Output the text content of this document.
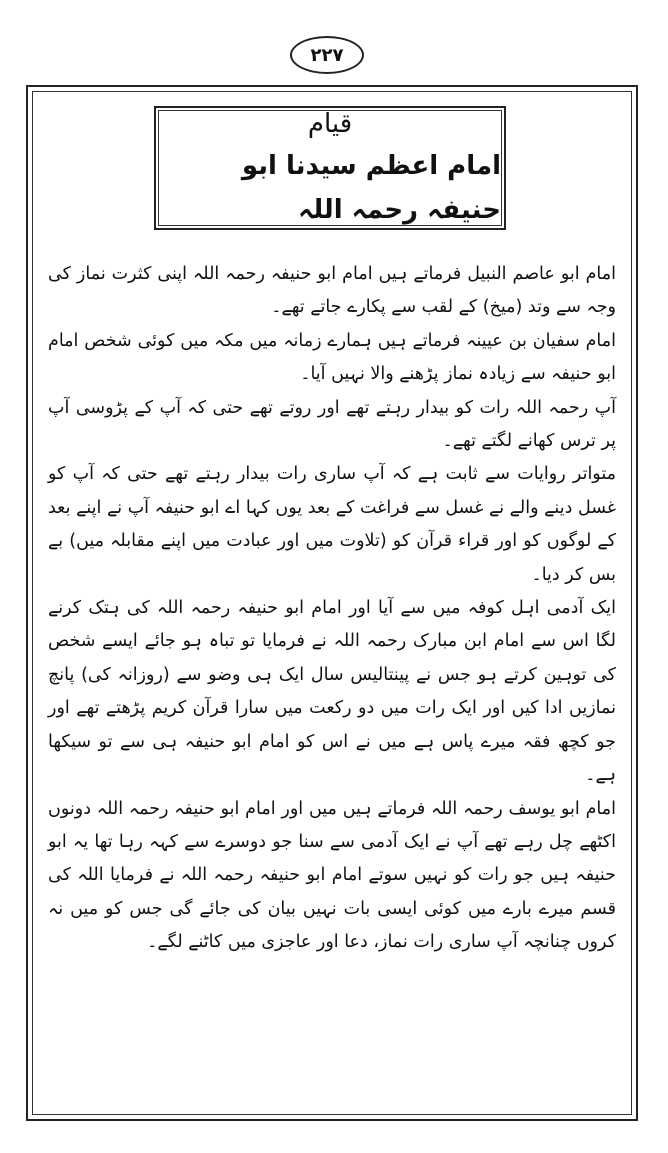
۲۲۷
قیام
امام اعظم سیدنا ابو حنیفہ رحمہ اللہ

امام ابو عاصم النبیل فرماتے ہیں امام ابو حنیفہ رحمہ اللہ اپنی کثرت نماز کی وجہ سے وتد (میخ) کے لقب سے پکارے جاتے تھے۔

امام سفیان بن عیینہ فرماتے ہیں ہمارے زمانہ میں مکہ میں کوئی شخص امام ابو حنیفہ سے زیادہ نماز پڑھنے والا نہیں آیا۔

آپ رحمہ اللہ رات کو بیدار رہتے تھے اور روتے تھے حتی کہ آپ کے پڑوسی آپ پر ترس کھانے لگتے تھے۔

متواتر روایات سے ثابت ہے کہ آپ ساری رات بیدار رہتے تھے حتی کہ آپ کو غسل دینے والے نے غسل سے فراغت کے بعد یوں کہا اے ابو حنیفہ آپ نے اپنے بعد کے لوگوں کو اور قراء قرآن کو (تلاوت میں اور عبادت میں اپنے مقابلہ میں) بے بس کر دیا۔

ایک آدمی اہل کوفہ میں سے آیا اور امام ابو حنیفہ رحمہ اللہ کی ہتک کرنے لگا اس سے امام ابن مبارک رحمہ اللہ نے فرمایا تو تباہ ہو جائے ایسے شخص کی توہین کرتے ہو جس نے پینتالیس سال ایک ہی وضو سے (روزانہ کی) پانچ نمازیں ادا کیں اور ایک رات میں دو رکعت میں سارا قرآن کریم پڑھتے تھے اور جو کچھ فقہ میرے پاس ہے میں نے اس کو امام ابو حنیفہ ہی سے تو سیکھا ہے۔

امام ابو یوسف رحمہ اللہ فرماتے ہیں میں اور امام ابو حنیفہ رحمہ اللہ دونوں اکٹھے چل رہے تھے آپ نے ایک آدمی سے سنا جو دوسرے سے کہہ رہا تھا یہ ابو حنیفہ ہیں جو رات کو نہیں سوتے امام ابو حنیفہ رحمہ اللہ نے فرمایا اللہ کی قسم میرے بارے میں کوئی ایسی بات نہیں بیان کی جائے گی جس کو میں نہ کروں چنانچہ آپ ساری رات نماز، دعا اور عاجزی میں کاٹنے لگے۔
